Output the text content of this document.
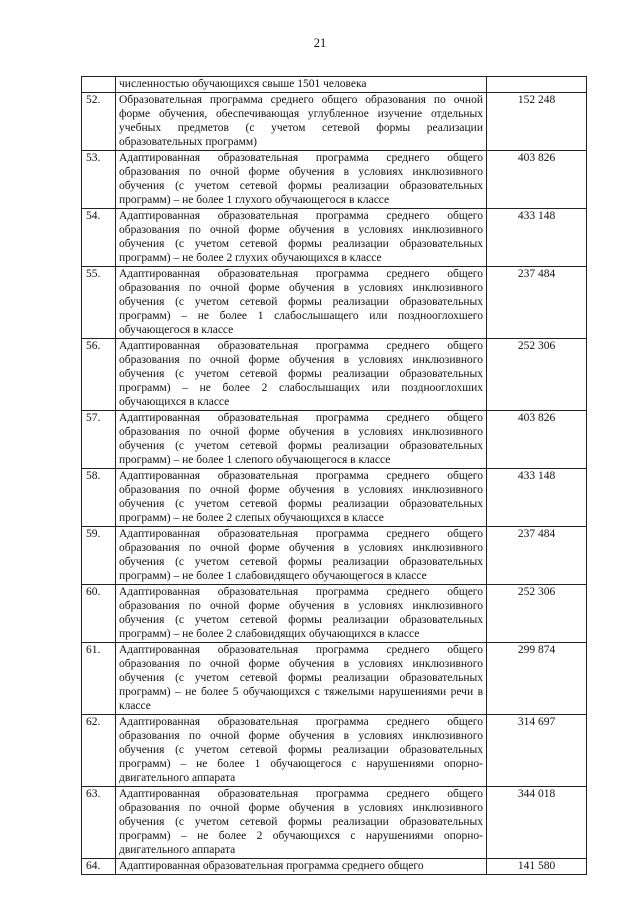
21
	численностью обучающихся свыше 1501 человека	
52.	Образовательная программа среднего общего образования по очной форме обучения, обеспечивающая углубленное изучение отдельных учебных предметов (с учетом сетевой формы реализации образовательных программ)	152 248
53.	Адаптированная образовательная программа среднего общего образования по очной форме обучения в условиях инклюзивного обучения (с учетом сетевой формы реализации образовательных программ) – не более 1 глухого обучающегося в классе	403 826
54.	Адаптированная образовательная программа среднего общего образования по очной форме обучения в условиях инклюзивного обучения (с учетом сетевой формы реализации образовательных программ) – не более 2 глухих обучающихся в классе	433 148
55.	Адаптированная образовательная программа среднего общего образования по очной форме обучения в условиях инклюзивного обучения (с учетом сетевой формы реализации образовательных программ) – не более 1 слабослышащего или позднооглохшего обучающегося в классе	237 484
56.	Адаптированная образовательная программа среднего общего образования по очной форме обучения в условиях инклюзивного обучения (с учетом сетевой формы реализации образовательных программ) – не более 2 слабослышащих или позднооглохших обучающихся в классе	252 306
57.	Адаптированная образовательная программа среднего общего образования по очной форме обучения в условиях инклюзивного обучения (с учетом сетевой формы реализации образовательных программ) – не более 1 слепого обучающегося в классе	403 826
58.	Адаптированная образовательная программа среднего общего образования по очной форме обучения в условиях инклюзивного обучения (с учетом сетевой формы реализации образовательных программ) – не более 2 слепых обучающихся в классе	433 148
59.	Адаптированная образовательная программа среднего общего образования по очной форме обучения в условиях инклюзивного обучения (с учетом сетевой формы реализации образовательных программ) – не более 1 слабовидящего обучающегося в классе	237 484
60.	Адаптированная образовательная программа среднего общего образования по очной форме обучения в условиях инклюзивного обучения (с учетом сетевой формы реализации образовательных программ) – не более 2 слабовидящих обучающихся в классе	252 306
61.	Адаптированная образовательная программа среднего общего образования по очной форме обучения в условиях инклюзивного обучения (с учетом сетевой формы реализации образовательных программ) – не более 5 обучающихся с тяжелыми нарушениями речи в классе	299 874
62.	Адаптированная образовательная программа среднего общего образования по очной форме обучения в условиях инклюзивного обучения (с учетом сетевой формы реализации образовательных программ) – не более 1 обучающегося с нарушениями опорно-двигательного аппарата	314 697
63.	Адаптированная образовательная программа среднего общего образования по очной форме обучения в условиях инклюзивного обучения (с учетом сетевой формы реализации образовательных программ) – не более 2 обучающихся с нарушениями опорно-двигательного аппарата	344 018
64.	Адаптированная образовательная программа среднего общего	141 580
